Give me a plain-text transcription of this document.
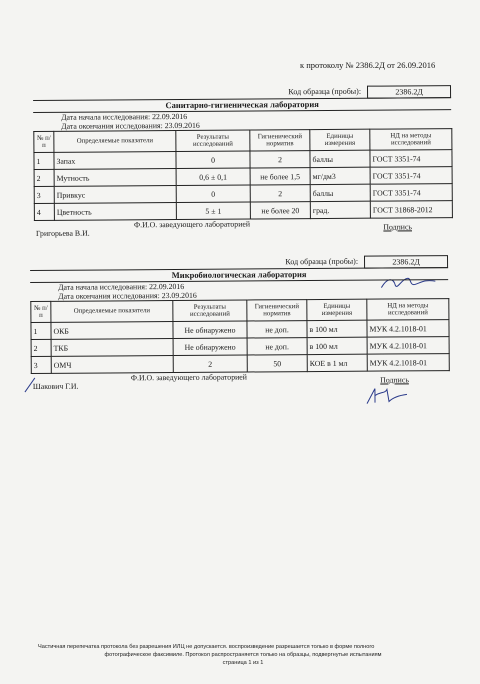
к протоколу № 2386.2Д от 26.09.2016
Код образца (пробы):	2386.2Д
Санитарно-гигиеническая лаборатория
Дата начала исследования: 22.09.2016
Дата окончания исследования: 23.09.2016
№ п/п	Определяемые показатели	Результаты исследований	Гигиенический норматив	Единицы измерения	НД на методы исследований
1	Запах	0	2	баллы	ГОСТ 3351-74
2	Мутность	0,6 ± 0,1	не более 1,5	мг/дм3	ГОСТ 3351-74
3	Привкус	0	2	баллы	ГОСТ 3351-74
4	Цветность	5 ± 1	не более 20	град.	ГОСТ 31868-2012
Ф.И.О. заведующего лабораторией
Григорьева В.И.
Подпись
Код образца (пробы):	2386.2Д
Микробиологическая лаборатория
Дата начала исследования: 22.09.2016
Дата окончания исследования: 23.09.2016
№ п/п	Определяемые показатели	Результаты исследований	Гигиенический норматив	Единицы измерения	НД на методы исследований
1	ОКБ	Не обнаружено	не доп.	в 100 мл	МУК 4.2.1018-01
2	ТКБ	Не обнаружено	не доп.	в 100 мл	МУК 4.2.1018-01
3	ОМЧ	2	50	КОЕ в 1 мл	МУК 4.2.1018-01
Ф.И.О. заведующего лабораторией
Шакович Г.И.
Подпись
Частичная перепечатка протокола без разрешения ИЛЦ не допускается. воспроизведение разрешается только в форме полного
фотографическое факсимиле. Протокол распространяется только на образцы, подвергнутые испытаниям
страница 1 из 1
